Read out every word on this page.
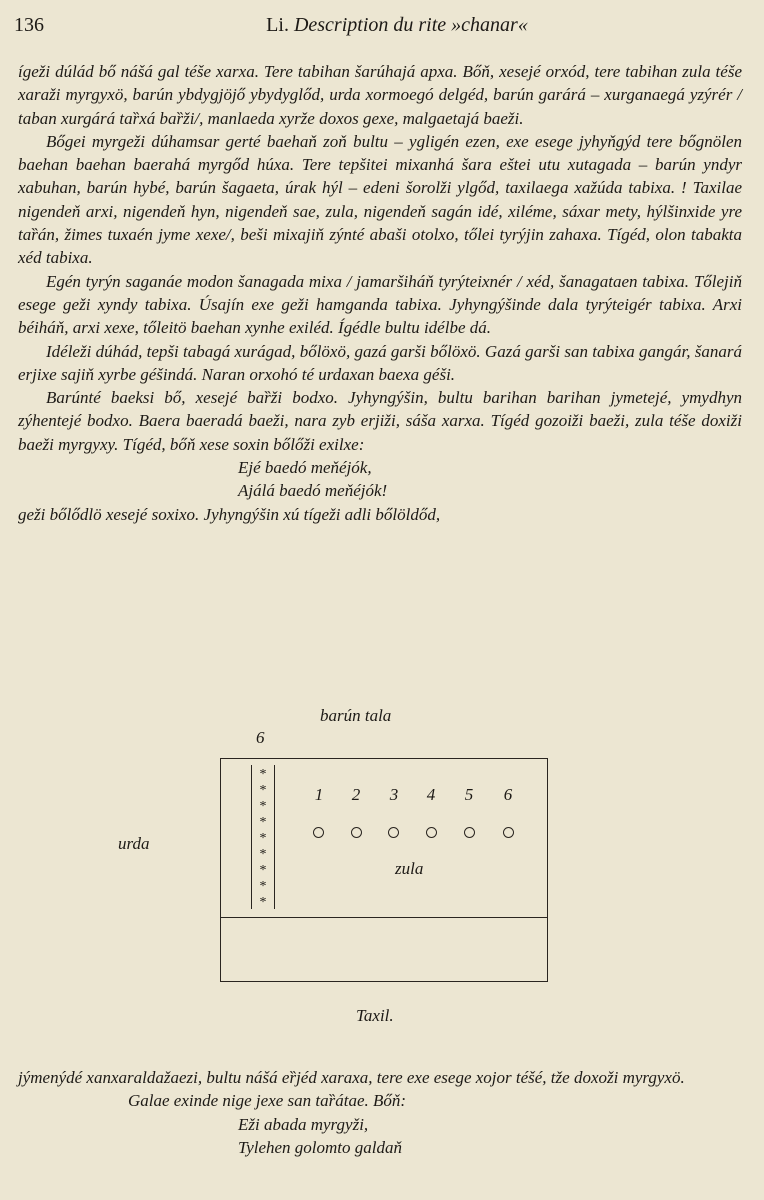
136	Li. Description du rite »chanar«

ígeži dúlád bő nášá gal téše xarxa. Tere tabihan šarúhajá apxa. Bőň, xesejé orxód, tere tabihan zula téše xaraži myrgyxö, barún ybdygjöjő ybydyglőd, urda xormoegó delgéd, barún garárá – xurganaegá yzýrér / taban xurgárá taȑxá baȑži/, manlaeda xyrže doxos gexe, malgaetajá baeži.

Bőgei myrgeži dúhamsar gerté baehaň zoň bultu – ygligén ezen, exe esege jyhyňgýd tere bőgnölen baehan baehan baerahá myrgőd húxa. Tere tepšitei mixanhá šara eštei utu xutagada – barún yndyr xabuhan, barún hybé, barún šagaeta, úrak hýl – edeni šorolži ylgőd, taxilaega xažúda tabixa. ! Taxilae nigendeň arxi, nigendeň hyn, nigendeň sae, zula, nigendeň sagán idé, xiléme, sáxar mety, hýlšinxide yre taȑán, žimes tuxaén jyme xexe/, beši mixajiň zýnté abaši otolxo, tőlei tyrýjin zahaxa. Tígéd, olon tabakta xéd tabixa.

Egén tyrýn saganáe modon šanagada mixa / jamaršiháň tyrýteixnér / xéd, šanagataen tabixa. Tőlejiň esege geži xyndy tabixa. Úsajín exe geži hamganda tabixa. Jyhyngýšinde dala tyrýteigér tabixa. Arxi béiháň, arxi xexe, tőleitö baehan xynhe exiléd. Ígédle bultu idélbe dá.

Idéleži dúhád, tepši tabagá xurágad, bőlöxö, gazá garši bőlöxö. Gazá garši san tabixa gangár, šanará erjixe sajiň xyrbe géšindá. Naran orxohó té urdaxan baexa géši.

Barúnté baeksi bő, xesejé baȑži bodxo. Jyhyngýšin, bultu barihan barihan jymetejé, ymydhyn zýhentejé bodxo. Baera baeradá baeži, nara zyb erjiži, sáša xarxa. Tígéd gozoiži baeži, zula téše doxiži baeži myrgyxy. Tígéd, bőň xese soxin bőlőži exilxe:

Ejé baedó meňéjók,
Ajálá baedó meňéjók!

geži bőlődlö xesejé soxixo. Jyhyngýšin xú tígeži adli bőlöldőd,

barún tala
6
urda
*
*
*
*
*
*
*
*
*
1	2	3	4	5	6
zula
Taxil.

jýmenýdé xanxaraldažaezi, bultu nášá eȑjéd xaraxa, tere exe esege xojor téšé, tže doxoži myrgyxö.

Galae exinde nige jexe san taȑátae. Bőň:

Eži abada myrgyži,
Tylehen golomto galdaň
